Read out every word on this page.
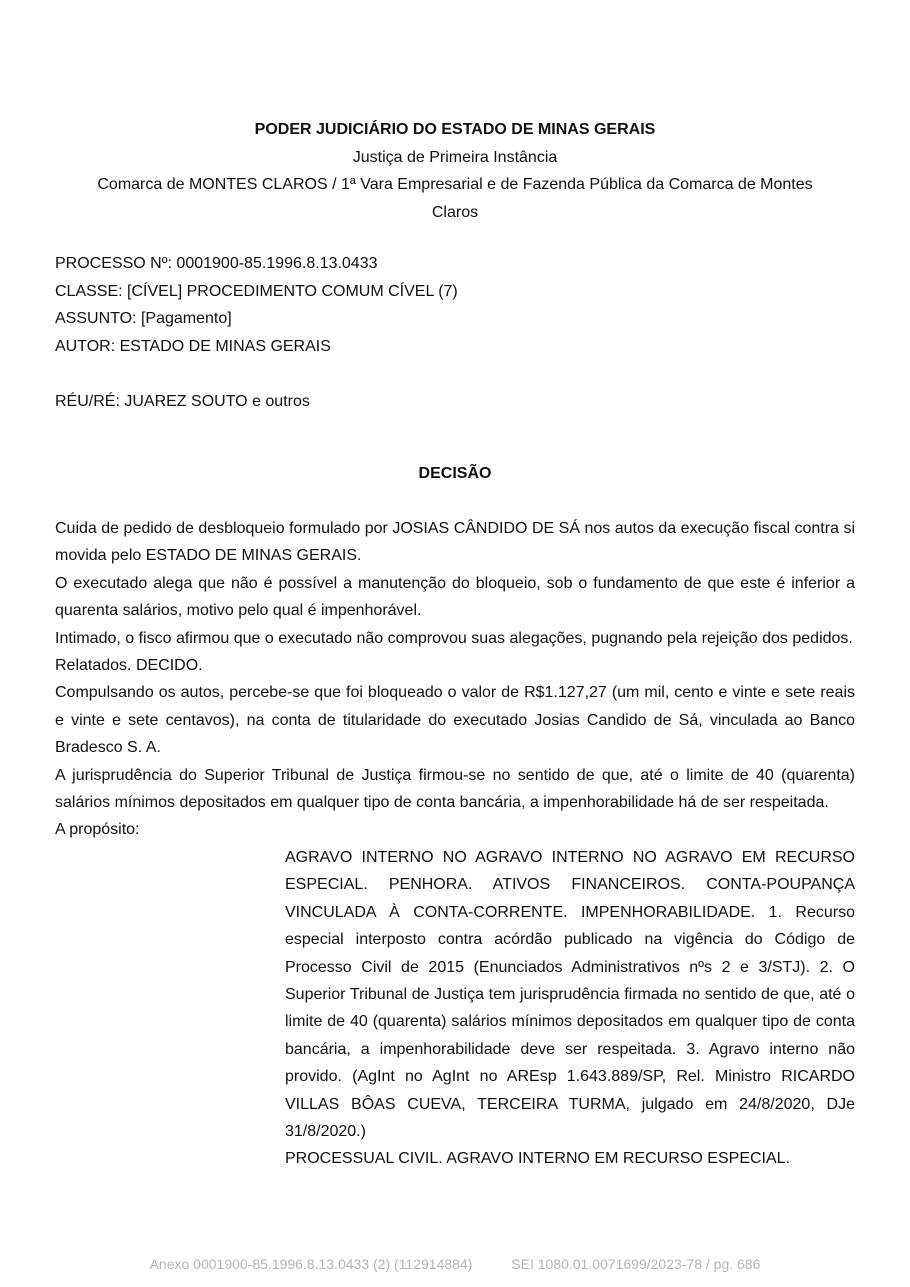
PODER JUDICIÁRIO DO ESTADO DE MINAS GERAIS
Justiça de Primeira Instância
Comarca de MONTES CLAROS / 1ª Vara Empresarial e de Fazenda Pública da Comarca de Montes
Claros
PROCESSO Nº: 0001900-85.1996.8.13.0433
CLASSE: [CÍVEL] PROCEDIMENTO COMUM CÍVEL (7)
ASSUNTO: [Pagamento]
AUTOR: ESTADO DE MINAS GERAIS
RÉU/RÉ: JUAREZ SOUTO e outros
DECISÃO

Cuida de pedido de desbloqueio formulado por JOSIAS CÂNDIDO DE SÁ nos autos da execução fiscal contra si movida pelo ESTADO DE MINAS GERAIS.

O executado alega que não é possível a manutenção do bloqueio, sob o fundamento de que este é inferior a quarenta salários, motivo pelo qual é impenhorável.

Intimado, o fisco afirmou que o executado não comprovou suas alegações, pugnando pela rejeição dos pedidos.

Relatados. DECIDO.

Compulsando os autos, percebe-se que foi bloqueado o valor de R$1.127,27 (um mil, cento e vinte e sete reais e vinte e sete centavos), na conta de titularidade do executado Josias Candido de Sá, vinculada ao Banco Bradesco S. A.

A jurisprudência do Superior Tribunal de Justiça firmou-se no sentido de que, até o limite de 40 (quarenta) salários mínimos depositados em qualquer tipo de conta bancária, a impenhorabilidade há de ser respeitada.

A propósito:

AGRAVO INTERNO NO AGRAVO INTERNO NO AGRAVO EM RECURSO ESPECIAL. PENHORA. ATIVOS FINANCEIROS. CONTA-POUPANÇA VINCULADA À CONTA-CORRENTE. IMPENHORABILIDADE. 1. Recurso especial interposto contra acórdão publicado na vigência do Código de Processo Civil de 2015 (Enunciados Administrativos nºs 2 e 3/STJ). 2. O Superior Tribunal de Justiça tem jurisprudência firmada no sentido de que, até o limite de 40 (quarenta) salários mínimos depositados em qualquer tipo de conta bancária, a impenhorabilidade deve ser respeitada. 3. Agravo interno não provido. (AgInt no AgInt no AREsp 1.643.889/SP, Rel. Ministro RICARDO VILLAS BÔAS CUEVA, TERCEIRA TURMA, julgado em 24/8/2020, DJe 31/8/2020.)

PROCESSUAL CIVIL. AGRAVO INTERNO EM RECURSO ESPECIAL.

Anexo 0001900-85.1996.8.13.0433 (2) (112914884)	SEI 1080.01.0071699/2023-78 / pg. 686
